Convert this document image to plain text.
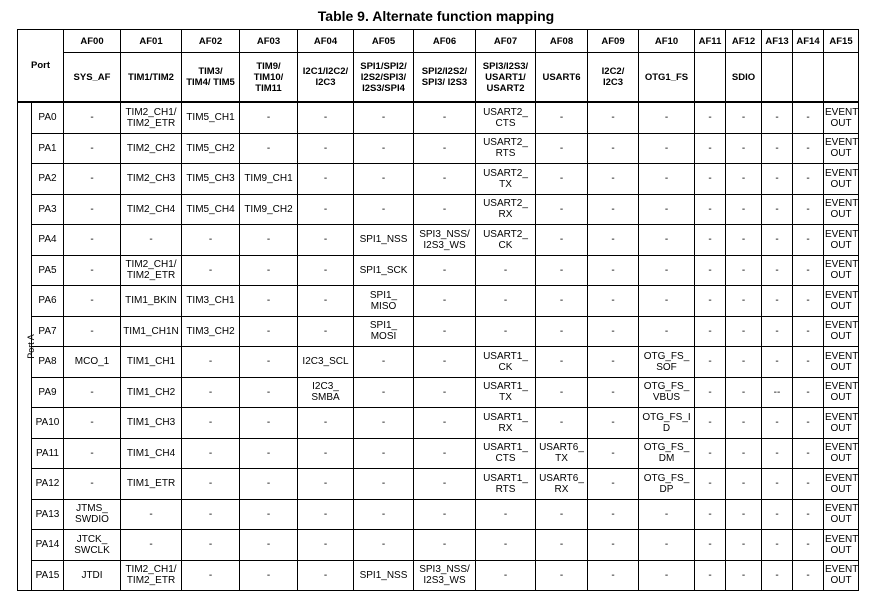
Table 9. Alternate function mapping
Port		AF00	AF01	AF02	AF03	AF04	AF05	AF06	AF07	AF08	AF09	AF10	AF11	AF12	AF13	AF14	AF15
		SYS_AF	TIM1/TIM2	TIM3/
TIM4/ TIM5	TIM9/
TIM10/
TIM11	I2C1/I2C2/
I2C3	SPI1/SPI2/
I2S2/SPI3/
I2S3/SPI4	SPI2/I2S2/
SPI3/ I2S3	SPI3/I2S3/
USART1/
USART2	USART6	I2C2/
I2C3	OTG1_FS		SDIO			
Port A	PA0	-	TIM2_CH1/
TIM2_ETR	TIM5_CH1	-	-	-	-	USART2_
CTS	-	-	-	-	-	-	-	EVENT
OUT
	PA1	-	TIM2_CH2	TIM5_CH2	-	-	-	-	USART2_
RTS	-	-	-	-	-	-	-	EVENT
OUT
	PA2	-	TIM2_CH3	TIM5_CH3	TIM9_CH1	-	-	-	USART2_
TX	-	-	-	-	-	-	-	EVENT
OUT
	PA3	-	TIM2_CH4	TIM5_CH4	TIM9_CH2	-	-	-	USART2_
RX	-	-	-	-	-	-	-	EVENT
OUT
	PA4	-	-	-	-	-	SPI1_NSS	SPI3_NSS/
I2S3_WS	USART2_
CK	-	-	-	-	-	-	-	EVENT
OUT
	PA5	-	TIM2_CH1/
TIM2_ETR	-	-	-	SPI1_SCK	-	-	-	-	-	-	-	-	-	EVENT
OUT
	PA6	-	TIM1_BKIN	TIM3_CH1	-	-	SPI1_
MISO	-	-	-	-	-	-	-	-	-	EVENT
OUT
	PA7	-	TIM1_CH1N	TIM3_CH2	-	-	SPI1_
MOSI	-	-	-	-	-	-	-	-	-	EVENT
OUT
	PA8	MCO_1	TIM1_CH1	-	-	I2C3_SCL	-	-	USART1_
CK	-	-	OTG_FS_
SOF	-	-	-	-	EVENT
OUT
	PA9	-	TIM1_CH2	-	-	I2C3_
SMBA	-	-	USART1_
TX	-	-	OTG_FS_
VBUS	-	-	--	-	EVENT
OUT
	PA10	-	TIM1_CH3	-	-	-	-	-	USART1_
RX	-	-	OTG_FS_I
D	-	-	-	-	EVENT
OUT
	PA11	-	TIM1_CH4	-	-	-	-	-	USART1_
CTS	USART6_
TX	-	OTG_FS_
DM	-	-	-	-	EVENT
OUT
	PA12	-	TIM1_ETR	-	-	-	-	-	USART1_
RTS	USART6_
RX	-	OTG_FS_
DP	-	-	-	-	EVENT
OUT
	PA13	JTMS_
SWDIO	-	-	-	-	-	-	-	-	-	-	-	-	-	-	EVENT
OUT
	PA14	JTCK_
SWCLK	-	-	-	-	-	-	-	-	-	-	-	-	-	-	EVENT
OUT
	PA15	JTDI	TIM2_CH1/
TIM2_ETR	-	-	-	SPI1_NSS	SPI3_NSS/
I2S3_WS	-	-	-	-	-	-	-	-	EVENT
OUT
